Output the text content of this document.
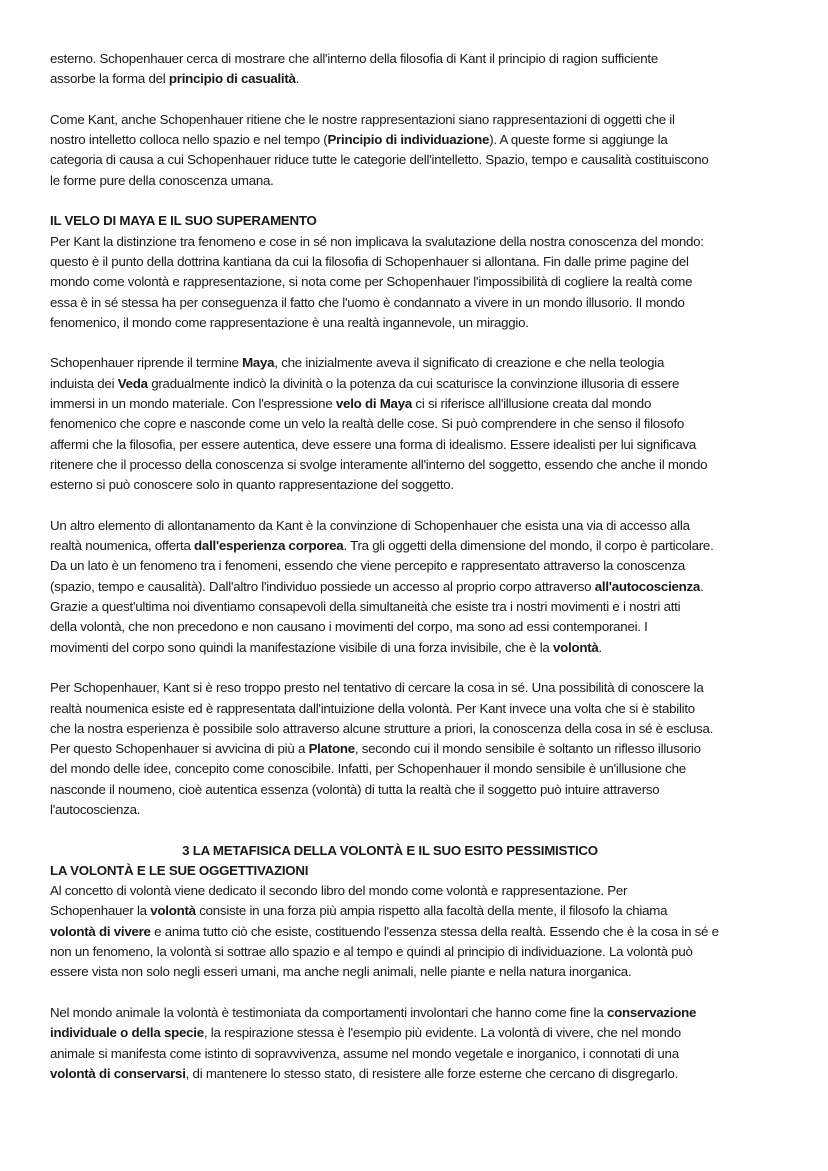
esterno. Schopenhauer cerca di mostrare che all'interno della filosofia di Kant il principio di ragion sufficiente
assorbe la forma del principio di casualità.

Come Kant, anche Schopenhauer ritiene che le nostre rappresentazioni siano rappresentazioni di oggetti che il
nostro intelletto colloca nello spazio e nel tempo (Principio di individuazione). A queste forme si aggiunge la
categoria di causa a cui Schopenhauer riduce tutte le categorie dell'intelletto. Spazio, tempo e causalità costituiscono
le forme pure della conoscenza umana.

IL VELO DI MAYA E IL SUO SUPERAMENTO
Per Kant la distinzione tra fenomeno e cose in sé non implicava la svalutazione della nostra conoscenza del mondo:
questo è il punto della dottrina kantiana da cui la filosofia di Schopenhauer si allontana. Fin dalle prime pagine del
mondo come volontà e rappresentazione, si nota come per Schopenhauer l'impossibilità di cogliere la realtà come
essa è in sé stessa ha per conseguenza il fatto che l'uomo è condannato a vivere in un mondo illusorio. Il mondo
fenomenico, il mondo come rappresentazione è una realtà ingannevole, un miraggio.

Schopenhauer riprende il termine Maya, che inizialmente aveva il significato di creazione e che nella teologia
induista dei Veda gradualmente indicò la divinità o la potenza da cui scaturisce la convinzione illusoria di essere
immersi in un mondo materiale. Con l'espressione velo di Maya ci si riferisce all'illusione creata dal mondo
fenomenico che copre e nasconde come un velo la realtà delle cose. Si può comprendere in che senso il filosofo
affermi che la filosofia, per essere autentica, deve essere una forma di idealismo. Essere idealisti per lui significava
ritenere che il processo della conoscenza si svolge interamente all'interno del soggetto, essendo che anche il mondo
esterno si può conoscere solo in quanto rappresentazione del soggetto.

Un altro elemento di allontanamento da Kant è la convinzione di Schopenhauer che esista una via di accesso alla
realtà noumenica, offerta dall'esperienza corporea. Tra gli oggetti della dimensione del mondo, il corpo è particolare.
Da un lato è un fenomeno tra i fenomeni, essendo che viene percepito e rappresentato attraverso la conoscenza
(spazio, tempo e causalità). Dall'altro l'individuo possiede un accesso al proprio corpo attraverso all'autocoscienza.
Grazie a quest'ultima noi diventiamo consapevoli della simultaneità che esiste tra i nostri movimenti e i nostri atti
della volontà, che non precedono e non causano i movimenti del corpo, ma sono ad essi contemporanei. I
movimenti del corpo sono quindi la manifestazione visibile di una forza invisibile, che è la volontà.

Per Schopenhauer, Kant si è reso troppo presto nel tentativo di cercare la cosa in sé. Una possibilità di conoscere la
realtà noumenica esiste ed è rappresentata dall'intuizione della volontà. Per Kant invece una volta che si è stabilito
che la nostra esperienza è possibile solo attraverso alcune strutture a priori, la conoscenza della cosa in sé è esclusa.
Per questo Schopenhauer si avvicina di più a Platone, secondo cui il mondo sensibile è soltanto un riflesso illusorio
del mondo delle idee, concepito come conoscibile. Infatti, per Schopenhauer il mondo sensibile è un'illusione che
nasconde il noumeno, cioè autentica essenza (volontà) di tutta la realtà che il soggetto può intuire attraverso
l'autocoscienza.

3 LA METAFISICA DELLA VOLONTÀ E IL SUO ESITO PESSIMISTICO
LA VOLONTÀ E LE SUE OGGETTIVAZIONI
Al concetto di volontà viene dedicato il secondo libro del mondo come volontà e rappresentazione. Per
Schopenhauer la volontà consiste in una forza più ampia rispetto alla facoltà della mente, il filosofo la chiama
volontà di vivere e anima tutto ciò che esiste, costituendo l'essenza stessa della realtà. Essendo che è la cosa in sé e
non un fenomeno, la volontà si sottrae allo spazio e al tempo e quindi al principio di individuazione. La volontà può
essere vista non solo negli esseri umani, ma anche negli animali, nelle piante e nella natura inorganica.

Nel mondo animale la volontà è testimoniata da comportamenti involontari che hanno come fine la conservazione
individuale o della specie, la respirazione stessa è l'esempio più evidente. La volontà di vivere, che nel mondo
animale si manifesta come istinto di sopravvivenza, assume nel mondo vegetale e inorganico, i connotati di una
volontà di conservarsi, di mantenere lo stesso stato, di resistere alle forze esterne che cercano di disgregarlo.
